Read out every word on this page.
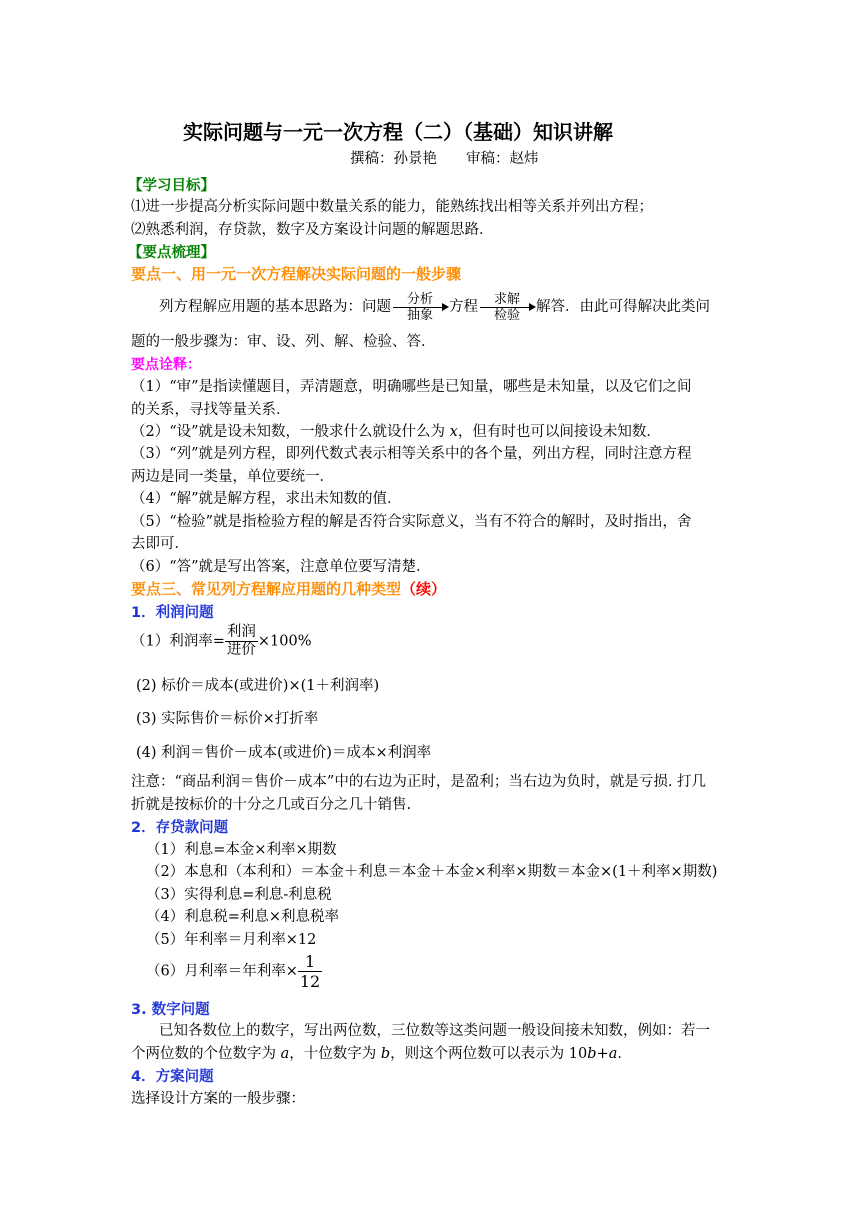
实际问题与一元一次方程（二）（基础）知识讲解
撰稿：孙景艳　　审稿：赵炜
【学习目标】
⑴进一步提高分析实际问题中数量关系的能力，能熟练找出相等关系并列出方程；
⑵熟悉利润，存贷款，数字及方案设计问题的解题思路．
【要点梳理】
要点一、用一元一次方程解决实际问题的一般步骤
列方程解应用题的基本思路为：问题	分析
抽象	方程	求解
检验	解答．由此可得解决此类问
题的一般步骤为：审、设、列、解、检验、答．
要点诠释：
（1）“审”是指读懂题目，弄清题意，明确哪些是已知量，哪些是未知量，以及它们之间
的关系，寻找等量关系．
（2）“设”就是设未知数，一般求什么就设什么为 x，但有时也可以间接设未知数．
（3）“列”就是列方程，即列代数式表示相等关系中的各个量，列出方程，同时注意方程
两边是同一类量，单位要统一．
（4）“解”就是解方程，求出未知数的值．
（5）“检验”就是指检验方程的解是否符合实际意义，当有不符合的解时，及时指出，舍
去即可．
（6）“答”就是写出答案，注意单位要写清楚．
要点三、常见列方程解应用题的几种类型（续）
1．利润问题
（1）利润率= $\frac{\text{利润}}{\text{进价}} \times 100\%$
(2) 标价＝成本(或进价)×(1＋利润率)
(3) 实际售价＝标价×打折率
(4) 利润＝售价－成本(或进价)＝成本×利润率
注意：“商品利润＝售价－成本”中的右边为正时，是盈利；当右边为负时，就是亏损. 打几
折就是按标价的十分之几或百分之几十销售.
2．存贷款问题
（1）利息=本金×利率×期数
（2）本息和（本利和）＝本金＋利息＝本金＋本金×利率×期数＝本金×(1＋利率×期数)
（3）实得利息=利息-利息税
（4）利息税=利息×利息税率
（5）年利率＝月利率×12
（6）月利率＝年利率× $\frac{1}{12}$
3. 数字问题
已知各数位上的数字，写出两位数，三位数等这类问题一般设间接未知数，例如：若一
个两位数的个位数字为 a，十位数字为 b，则这个两位数可以表示为 10b+a．
4．方案问题
选择设计方案的一般步骤：
